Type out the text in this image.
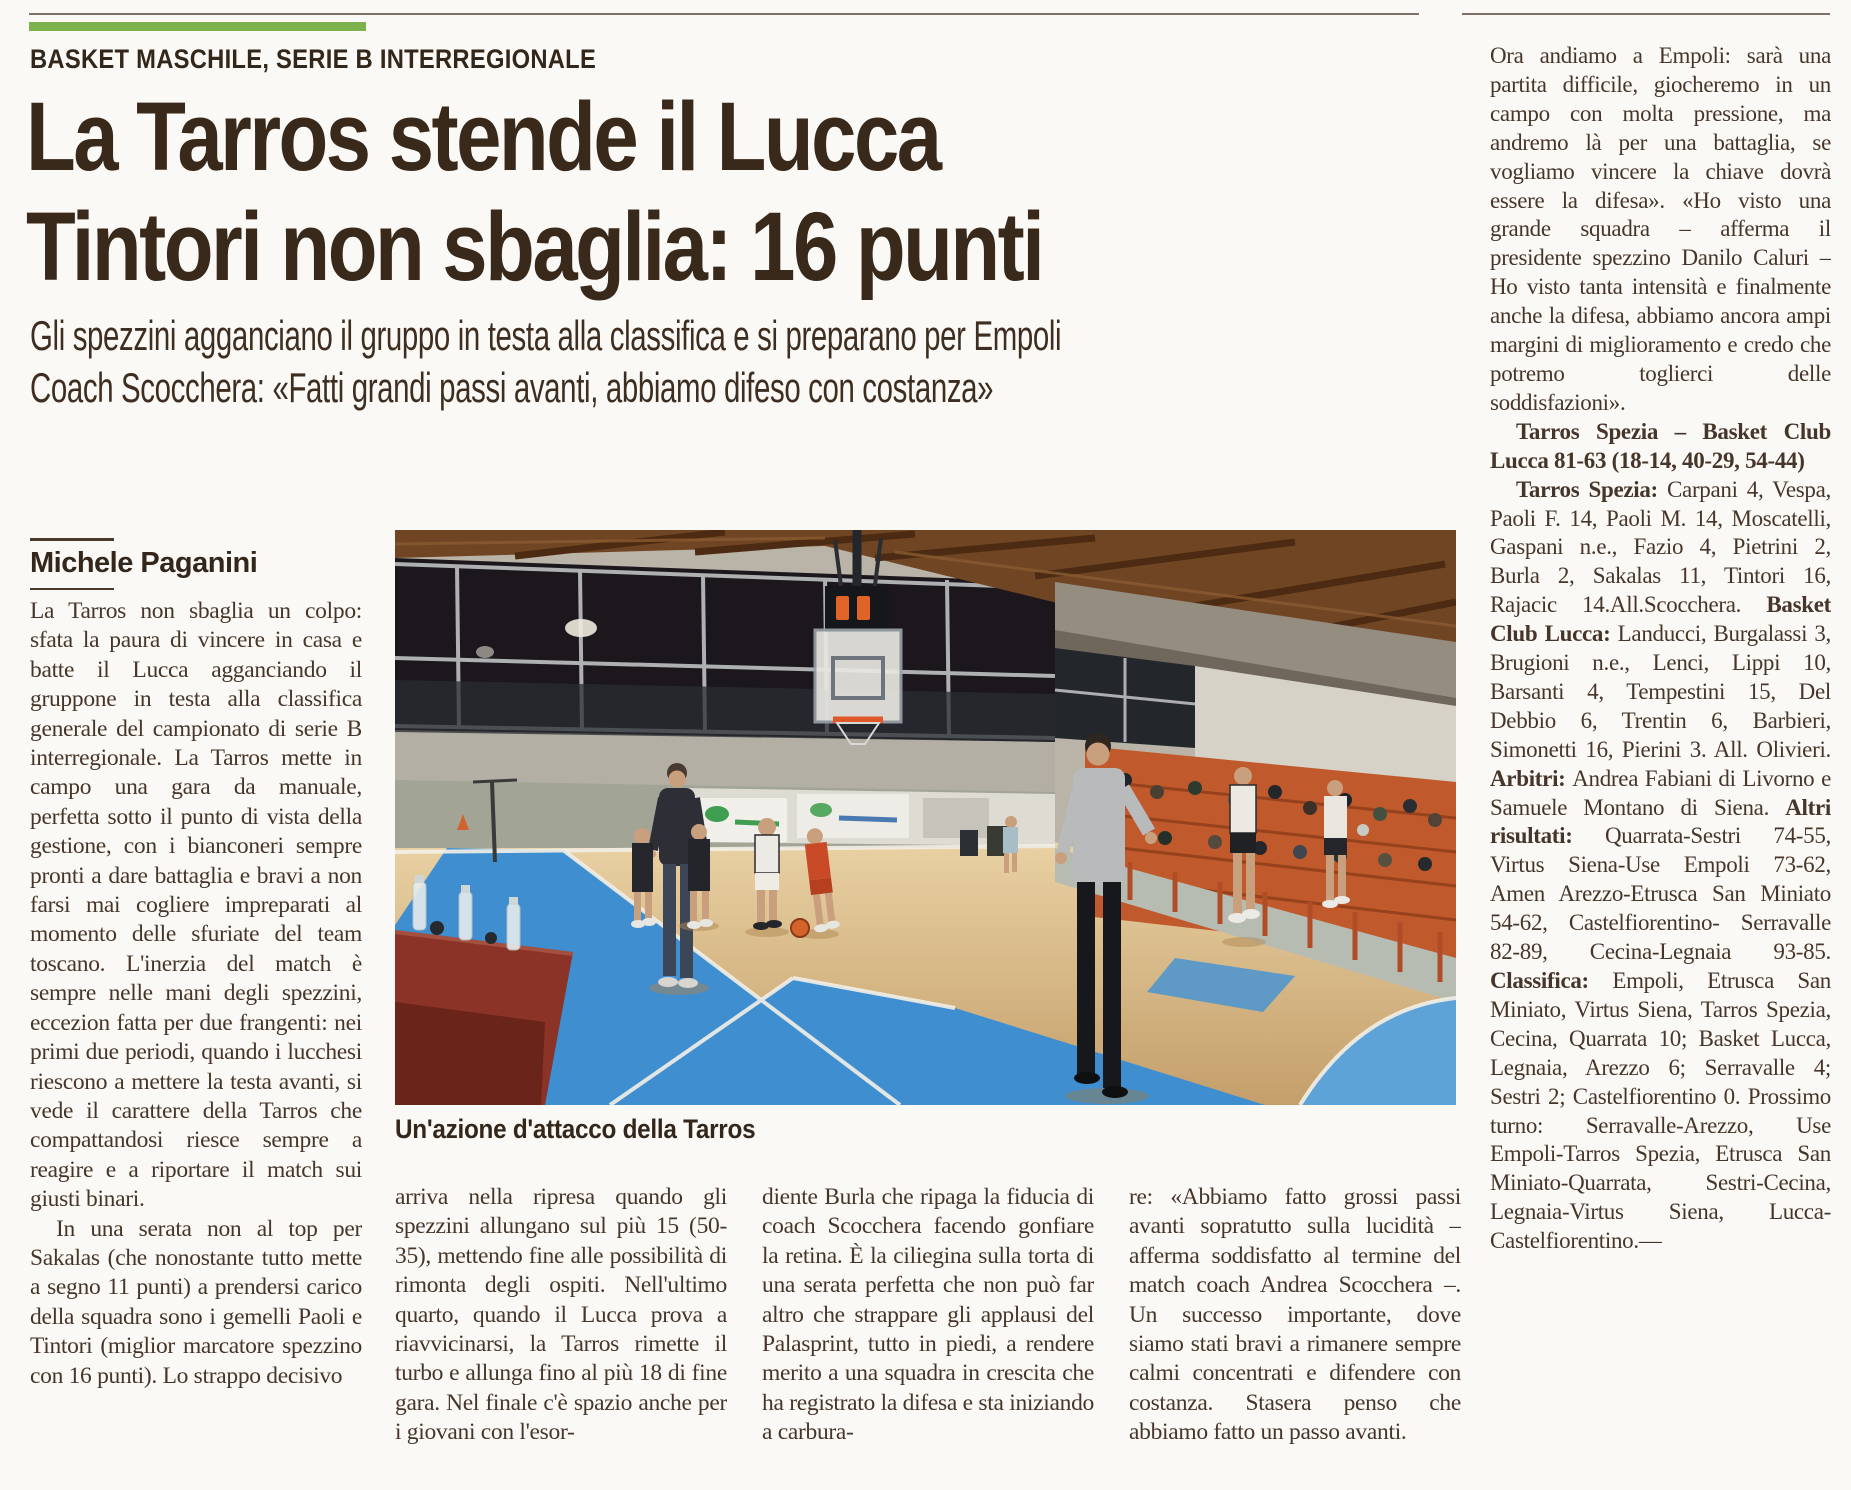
BASKET MASCHILE, SERIE B INTERREGIONALE
La Tarros stende il Lucca
Tintori non sbaglia: 16 punti
Gli spezzini agganciano il gruppo in testa alla classifica e si preparano per Empoli
Coach Scocchera: «Fatti grandi passi avanti, abbiamo difeso con costanza»
Michele Paganini

La Tarros non sbaglia un colpo: sfata la paura di vincere in casa e batte il Lucca agganciando il gruppone in testa alla classifica generale del campionato di serie B interregionale. La Tarros mette in campo una gara da manuale, perfetta sotto il punto di vista della gestione, con i bianconeri sempre pronti a dare battaglia e bravi a non farsi mai cogliere impreparati al momento delle sfuriate del team toscano. L'inerzia del match è sempre nelle mani degli spezzini, eccezion fatta per due frangenti: nei primi due periodi, quando i lucchesi riescono a mettere la testa avanti, si vede il carattere della Tarros che compattandosi riesce sempre a reagire e a riportare il match sui giusti binari.

In una serata non al top per Sakalas (che nonostante tutto mette a segno 11 punti) a prendersi carico della squadra sono i gemelli Paoli e Tintori (miglior marcatore spezzino con 16 punti). Lo strappo decisivo

Un'azione d'attacco della Tarros

arriva nella ripresa quando gli spezzini allungano sul più 15 (50-35), mettendo fine alle possibilità di rimonta degli ospiti. Nell'ultimo quarto, quando il Lucca prova a riavvicinarsi, la Tarros rimette il turbo e allunga fino al più 18 di fine gara. Nel finale c'è spazio anche per i giovani con l'esor-

diente Burla che ripaga la fiducia di coach Scocchera facendo gonfiare la retina. È la ciliegina sulla torta di una serata perfetta che non può far altro che strappare gli applausi del Palasprint, tutto in piedi, a rendere merito a una squadra in crescita che ha registrato la difesa e sta iniziando a carbura-

re: «Abbiamo fatto grossi passi avanti sopratutto sulla lucidità – afferma soddisfatto al termine del match coach Andrea Scocchera –. Un successo importante, dove siamo stati bravi a rimanere sempre calmi concentrati e difendere con costanza. Stasera penso che abbiamo fatto un passo avanti.

Ora andiamo a Empoli: sarà una partita difficile, giocheremo in un campo con molta pressione, ma andremo là per una battaglia, se vogliamo vincere la chiave dovrà essere la difesa». «Ho visto una grande squadra – afferma il presidente spezzino Danilo Caluri – Ho visto tanta intensità e finalmente anche la difesa, abbiamo ancora ampi margini di miglioramento e credo che potremo toglierci delle soddisfazioni».

Tarros Spezia – Basket Club Lucca 81-63 (18-14, 40-29, 54-44)

Tarros Spezia: Carpani 4, Vespa, Paoli F. 14, Paoli M. 14, Moscatelli, Gaspani n.e., Fazio 4, Pietrini 2, Burla 2, Sakalas 11, Tintori 16, Rajacic 14.All.Scocchera. Basket Club Lucca: Landucci, Burgalassi 3, Brugioni n.e., Lenci, Lippi 10, Barsanti 4, Tempestini 15, Del Debbio 6, Trentin 6, Barbieri, Simonetti 16, Pierini 3. All. Olivieri. Arbitri: Andrea Fabiani di Livorno e Samuele Montano di Siena. Altri risultati: Quarrata-Sestri 74-55, Virtus Siena-Use Empoli 73-62, Amen Arezzo-Etrusca San Miniato 54-62, Castelfiorentino- Serravalle 82-89, Cecina-Legnaia 93-85. Classifica: Empoli, Etrusca San Miniato, Virtus Siena, Tarros Spezia, Cecina, Quarrata 10; Basket Lucca, Legnaia, Arezzo 6; Serravalle 4; Sestri 2; Castelfiorentino 0. Prossimo turno: Serravalle-Arezzo, Use Empoli-Tarros Spezia, Etrusca San Miniato-Quarrata, Sestri-Cecina, Legnaia-Virtus Siena, Lucca-Castelfiorentino.—
